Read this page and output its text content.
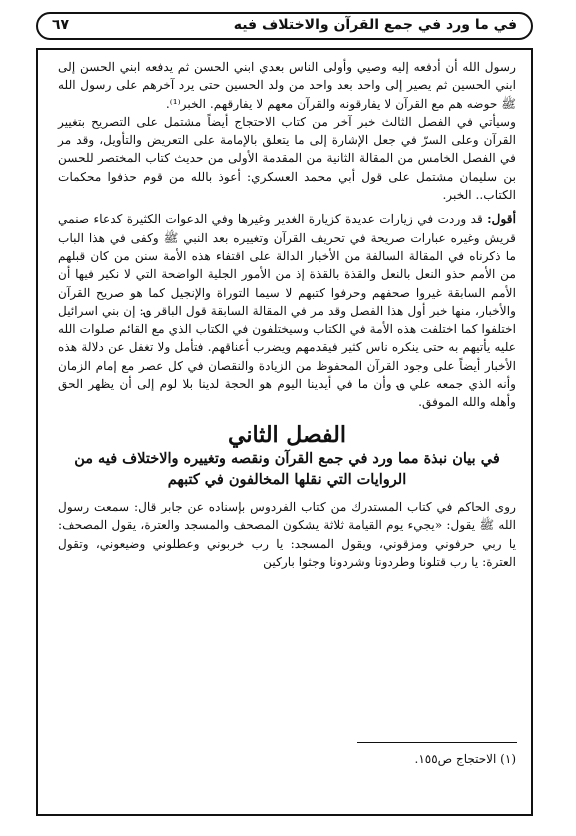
في ما ورد في جمع القرآن والاختلاف فيه
٦٧

رسول الله أن أدفعه إليه وصيي وأولى الناس بعدي ابني الحسن ثم يدفعه ابني الحسن إلى ابني الحسين ثم يصير إلى واحد بعد واحد من ولد الحسين حتى يرد آخرهم على رسول الله ﷺ حوضه هم مع القرآن لا يفارقونه والقرآن معهم لا يفارقهم. الخبر⁽¹⁾.

وسيأتي في الفصل الثالث خبر آخر من كتاب الاحتجاج أيضاً مشتمل على التصريح بتغيير القرآن وعلى السرّ في جعل الإشارة إلى ما يتعلق بالإمامة على التعريض والتأويل، وقد مر في الفصل الخامس من المقالة الثانية من المقدمة الأولى من حديث كتاب المختصر للحسن بن سليمان مشتمل على قول أبي محمد العسكري: أعوذ بالله من قوم حذفوا محكمات الكتاب.. الخبر.

أقول: قد وردت في زيارات عديدة كزيارة الغدير وغيرها وفي الدعوات الكثيرة كدعاء صنمي قريش وغيره عبارات صريحة في تحريف القرآن وتغييره بعد النبي ﷺ وكفى في هذا الباب ما ذكرناه في المقالة السالفة من الأخبار الدالة على اقتفاء هذه الأمة سنن من كان قبلهم من الأمم حذو النعل بالنعل والقذة بالقذة إذ من الأمور الجلية الواضحة التي لا نكير فيها أن الأمم السابقة غيروا صحفهم وحرفوا كتبهم لا سيما التوراة والإنجيل كما هو صريح القرآن والأخبار، منها خبر أول هذا الفصل وقد مر في المقالة السابقة قول الباقر ؈: إن بني اسرائيل اختلفوا كما اختلفت هذه الأمة في الكتاب وسيختلفون في الكتاب الذي مع القائم صلوات الله عليه يأتيهم به حتى ينكره ناس كثير فيقدمهم ويضرب أعناقهم. فتأمل ولا تغفل عن دلالة هذه الأخبار أيضاً على وجود القرآن المحفوظ من الزيادة والنقصان في كل عصر مع إمام الزمان وأنه الذي جمعه علي ؈ وأن ما في أيدينا اليوم هو الحجة لدينا بلا لوم إلى أن يظهر الحق وأهله والله الموفق.

الفصل الثاني
في بيان نبذة مما ورد في جمع القرآن ونقصه وتغييره والاختلاف فيه من الروايات التي نقلها المخالفون في كتبهم

روى الحاكم في كتاب المستدرك من كتاب الفردوس بإسناده عن جابر قال: سمعت رسول الله ﷺ يقول: «يجيء يوم القيامة ثلاثة يشكون المصحف والمسجد والعترة، يقول المصحف: يا ربي حرفوني ومزقوني، ويقول المسجد: يا رب خربوني وعطلوني وضيعوني، وتقول العترة: يا رب قتلونا وطردونا وشردونا وجثوا باركين

(١) الاحتجاج ص١٥٥.
